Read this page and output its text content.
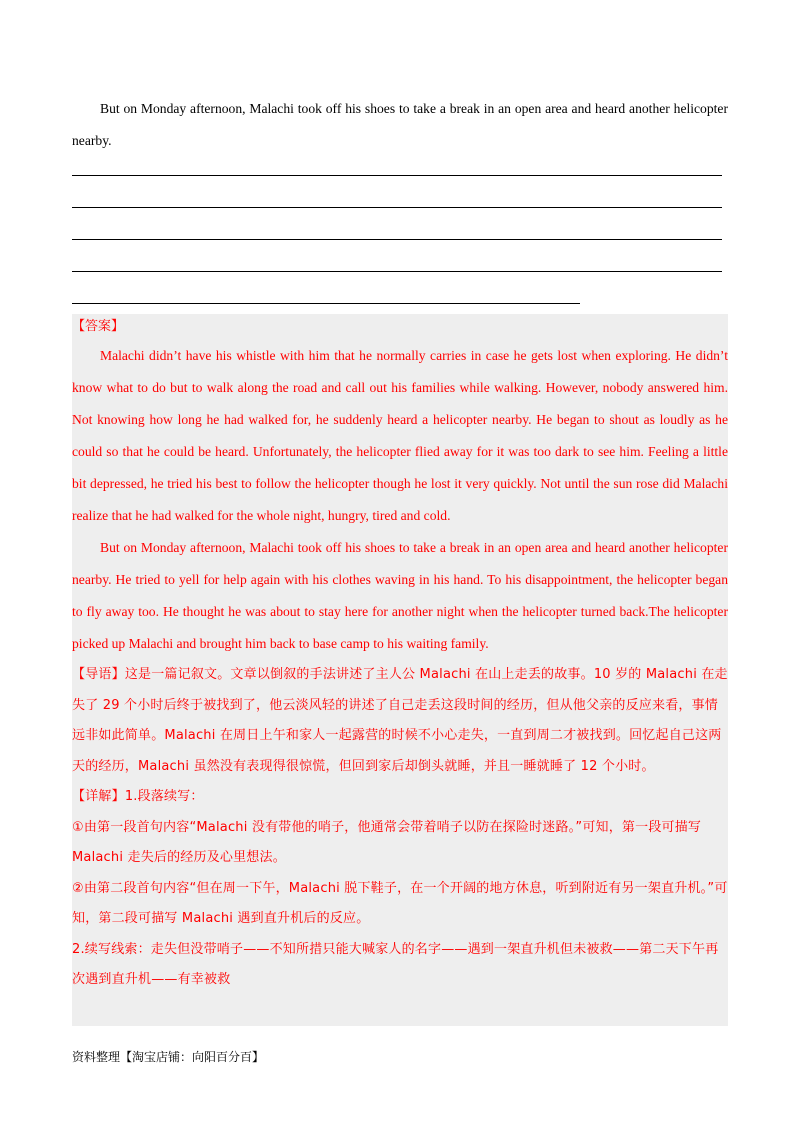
But on Monday afternoon, Malachi took off his shoes to take a break in an open area and heard another helicopter nearby.
【答案】

Malachi didn’t have his whistle with him that he normally carries in case he gets lost when exploring. He didn’t know what to do but to walk along the road and call out his families while walking. However, nobody answered him. Not knowing how long he had walked for, he suddenly heard a helicopter nearby. He began to shout as loudly as he could so that he could be heard. Unfortunately, the helicopter flied away for it was too dark to see him. Feeling a little bit depressed, he tried his best to follow the helicopter though he lost it very quickly. Not until the sun rose did Malachi realize that he had walked for the whole night, hungry, tired and cold.

But on Monday afternoon, Malachi took off his shoes to take a break in an open area and heard another helicopter nearby. He tried to yell for help again with his clothes waving in his hand. To his disappointment, the helicopter began to fly away too. He thought he was about to stay here for another night when the helicopter turned back.The helicopter picked up Malachi and brought him back to base camp to his waiting family.

【导语】这是一篇记叙文。文章以倒叙的手法讲述了主人公 Malachi 在山上走丢的故事。10 岁的 Malachi 在走失了 29 个小时后终于被找到了，他云淡风轻的讲述了自己走丢这段时间的经历，但从他父亲的反应来看，事情远非如此简单。Malachi 在周日上午和家人一起露营的时候不小心走失，一直到周二才被找到。回忆起自己这两天的经历，Malachi 虽然没有表现得很惊慌，但回到家后却倒头就睡，并且一睡就睡了 12 个小时。

【详解】1.段落续写：

①由第一段首句内容“Malachi 没有带他的哨子，他通常会带着哨子以防在探险时迷路。”可知，第一段可描写 Malachi 走失后的经历及心里想法。

②由第二段首句内容“但在周一下午，Malachi 脱下鞋子，在一个开阔的地方休息，听到附近有另一架直升机。”可知，第二段可描写 Malachi 遇到直升机后的反应。

2.续写线索：走失但没带哨子——不知所措只能大喊家人的名字——遇到一架直升机但未被救——第二天下午再次遇到直升机——有幸被救

资料整理【淘宝店铺：向阳百分百】
